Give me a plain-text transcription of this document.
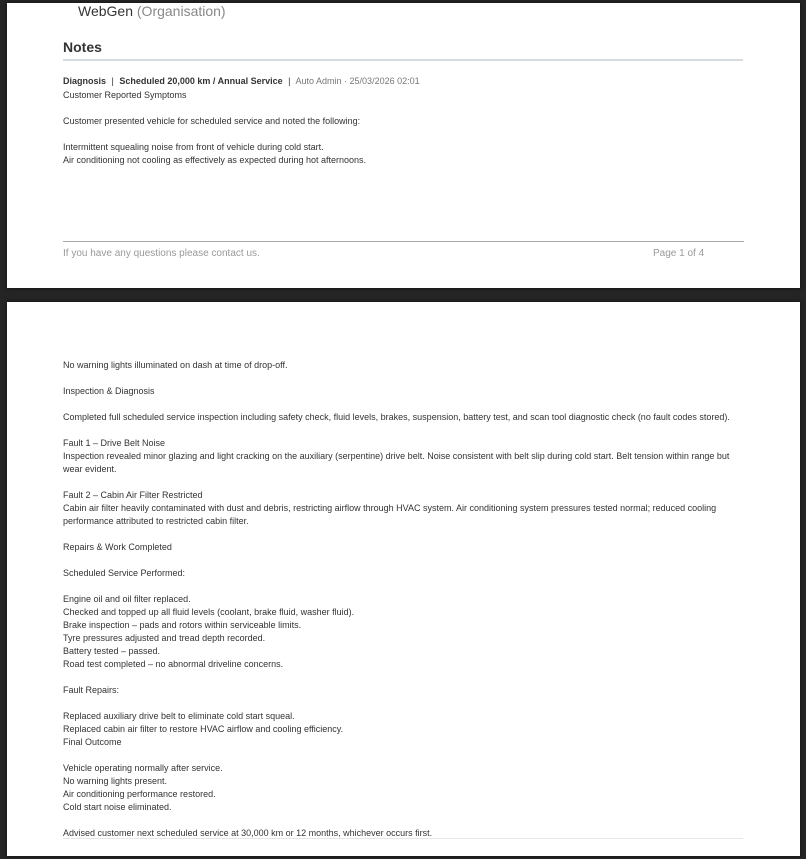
WebGen (Organisation)
Notes
Diagnosis | Scheduled 20,000 km / Annual Service | Auto Admin · 25/03/2026 02:01

Customer Reported Symptoms

Customer presented vehicle for scheduled service and noted the following:

Intermittent squealing noise from front of vehicle during cold start.

Air conditioning not cooling as effectively as expected during hot afternoons.

If you have any questions please contact us.	Page 1 of 4

No warning lights illuminated on dash at time of drop-off.

Inspection & Diagnosis

Completed full scheduled service inspection including safety check, fluid levels, brakes, suspension, battery test, and scan tool diagnostic check (no fault codes stored).

Fault 1 – Drive Belt Noise

Inspection revealed minor glazing and light cracking on the auxiliary (serpentine) drive belt. Noise consistent with belt slip during cold start. Belt tension within range but wear evident.

Fault 2 – Cabin Air Filter Restricted

Cabin air filter heavily contaminated with dust and debris, restricting airflow through HVAC system. Air conditioning system pressures tested normal; reduced cooling performance attributed to restricted cabin filter.

Repairs & Work Completed

Scheduled Service Performed:

Engine oil and oil filter replaced.

Checked and topped up all fluid levels (coolant, brake fluid, washer fluid).

Brake inspection – pads and rotors within serviceable limits.

Tyre pressures adjusted and tread depth recorded.

Battery tested – passed.

Road test completed – no abnormal driveline concerns.

Fault Repairs:

Replaced auxiliary drive belt to eliminate cold start squeal.

Replaced cabin air filter to restore HVAC airflow and cooling efficiency.

Final Outcome

Vehicle operating normally after service.

No warning lights present.

Air conditioning performance restored.

Cold start noise eliminated.

Advised customer next scheduled service at 30,000 km or 12 months, whichever occurs first.
